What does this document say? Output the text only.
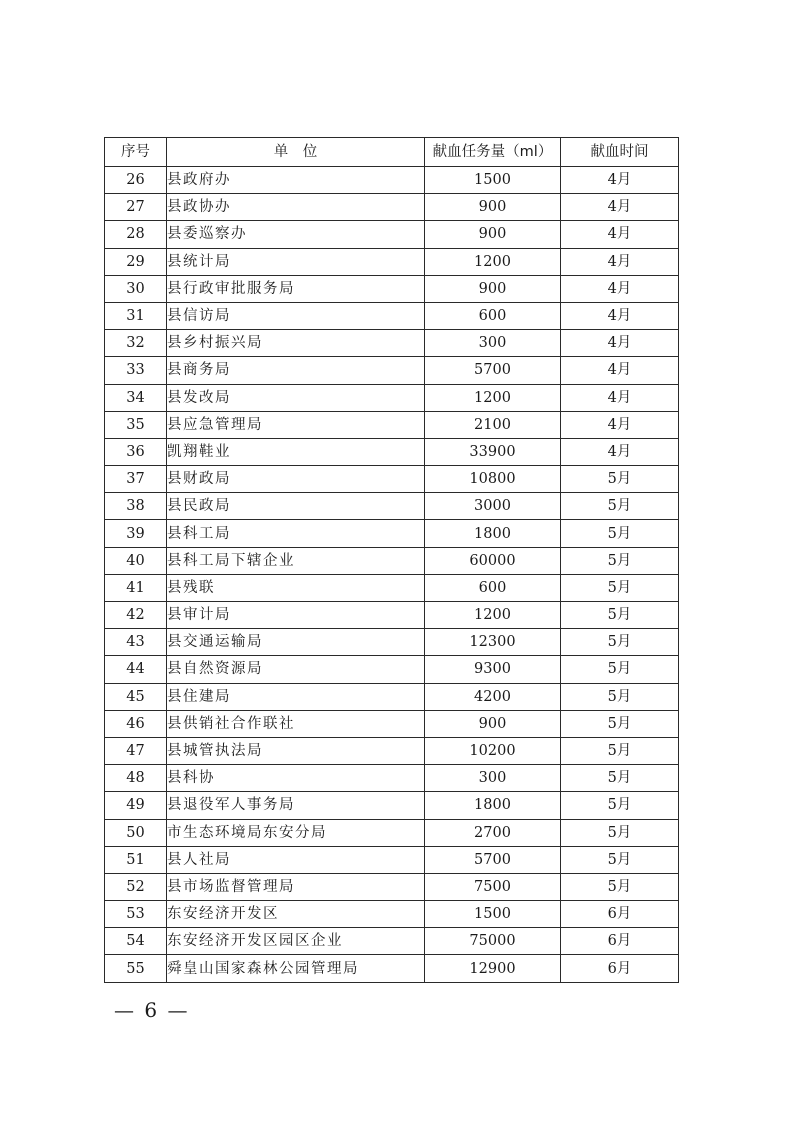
序号	单　位	献血任务量（ml）	献血时间
26	县政府办	1500	4月
27	县政协办	900	4月
28	县委巡察办	900	4月
29	县统计局	1200	4月
30	县行政审批服务局	900	4月
31	县信访局	600	4月
32	县乡村振兴局	300	4月
33	县商务局	5700	4月
34	县发改局	1200	4月
35	县应急管理局	2100	4月
36	凯翔鞋业	33900	4月
37	县财政局	10800	5月
38	县民政局	3000	5月
39	县科工局	1800	5月
40	县科工局下辖企业	60000	5月
41	县残联	600	5月
42	县审计局	1200	5月
43	县交通运输局	12300	5月
44	县自然资源局	9300	5月
45	县住建局	4200	5月
46	县供销社合作联社	900	5月
47	县城管执法局	10200	5月
48	县科协	300	5月
49	县退役军人事务局	1800	5月
50	市生态环境局东安分局	2700	5月
51	县人社局	5700	5月
52	县市场监督管理局	7500	5月
53	东安经济开发区	1500	6月
54	东安经济开发区园区企业	75000	6月
55	舜皇山国家森林公园管理局	12900	6月
— 6 —
